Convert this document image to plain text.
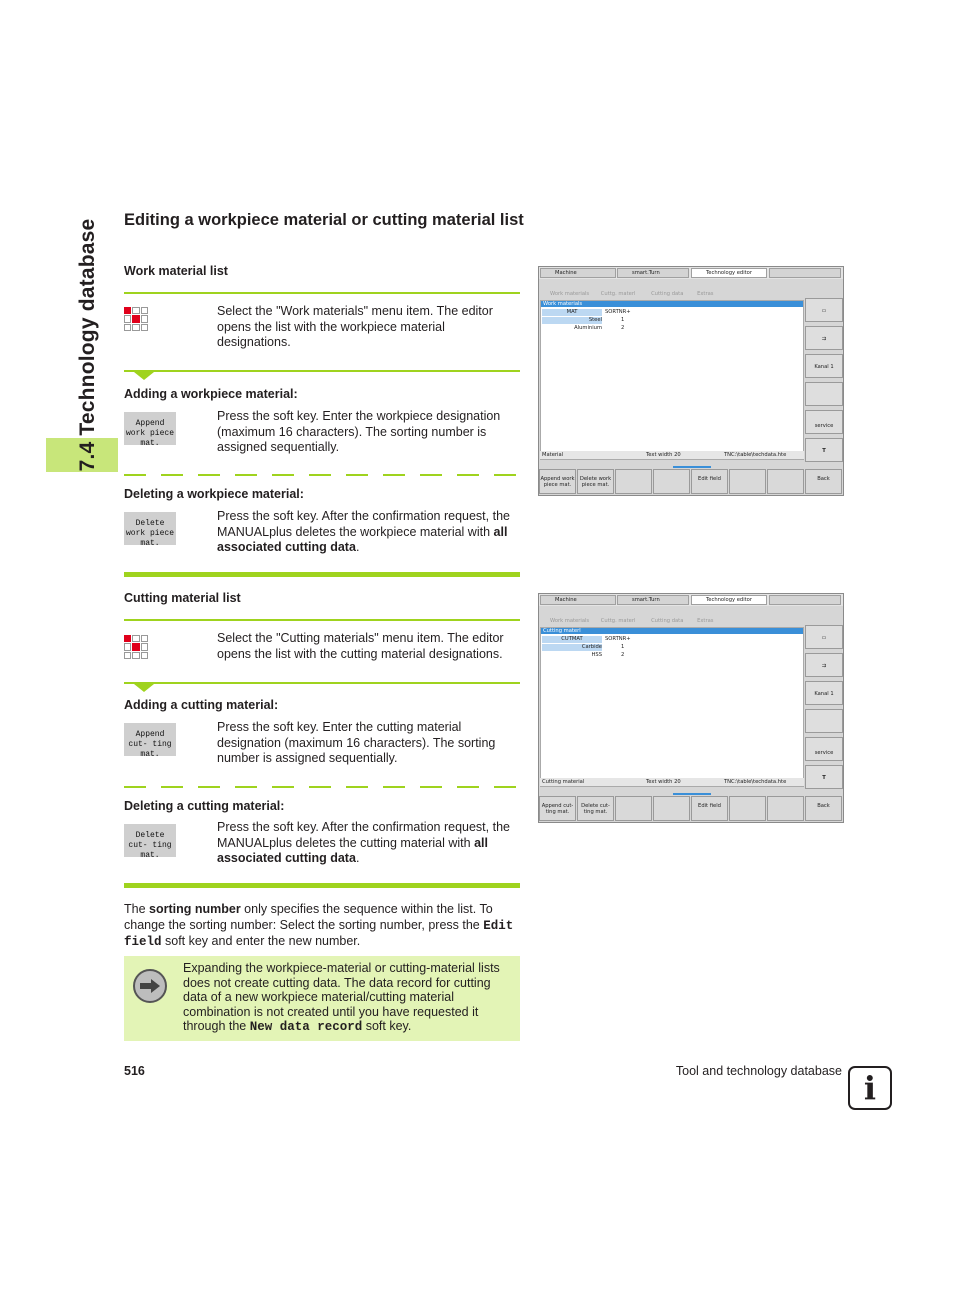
7.4 Technology database Editing a workpiece material or cutting material list
Work material list
Select the "Work materials" menu item. The editor opens the list with the workpiece material designations.
Adding a workpiece material:
Append work piece mat.
Press the soft key. Enter the workpiece designation (maximum 16 characters). The sorting number is assigned sequentially.
Deleting a workpiece material:
Delete work piece mat.
Press the soft key. After the confirmation request, the MANUALplus deletes the workpiece material with all associated cutting data.
Cutting material list
Select the "Cutting materials" menu item. The editor opens the list with the cutting material designations.
Adding a cutting material:
Append cut- ting mat.
Press the soft key. Enter the cutting material designation (maximum 16 characters). The sorting number is assigned sequentially.
Deleting a cutting material:
Delete cut- ting mat.
Press the soft key. After the confirmation request, the MANUALplus deletes the cutting material with all associated cutting data.
The sorting number only specifies the sequence within the list. To change the sorting number: Select the sorting number, press the Edit field soft key and enter the new number.
Expanding the workpiece-material or cutting-material lists does not create cutting data. The data record for cutting data of a new workpiece material/cutting material combination is not created until you have requested it through the New data record soft key.
516	Tool and technology database i
Machine	smart.Turn	Technology editor
Work materials Cuttg. materl	Cutting data	Extras
Work materials
MAT	SORTNR+
Steel	1
Aluminium	2
Material	Text width 20	TNC:\table\techdata.hte
▭
⇉
Kanal 1
service
T
Append work piece mat.
Delete work piece mat.
Edit field	Back
Machine	smart.Turn	Technology editor
Work materials Cuttg. materl	Cutting data	Extras
Cutting materl
CUTMAT	SORTNR+
Carbide	1
HSS	2
Cutting material	Text width 20	TNC:\table\techdata.hte
▭
⇉
Kanal 1
service
T
Append cut- ting mat.
Delete cut- ting mat.
Edit field	Back
